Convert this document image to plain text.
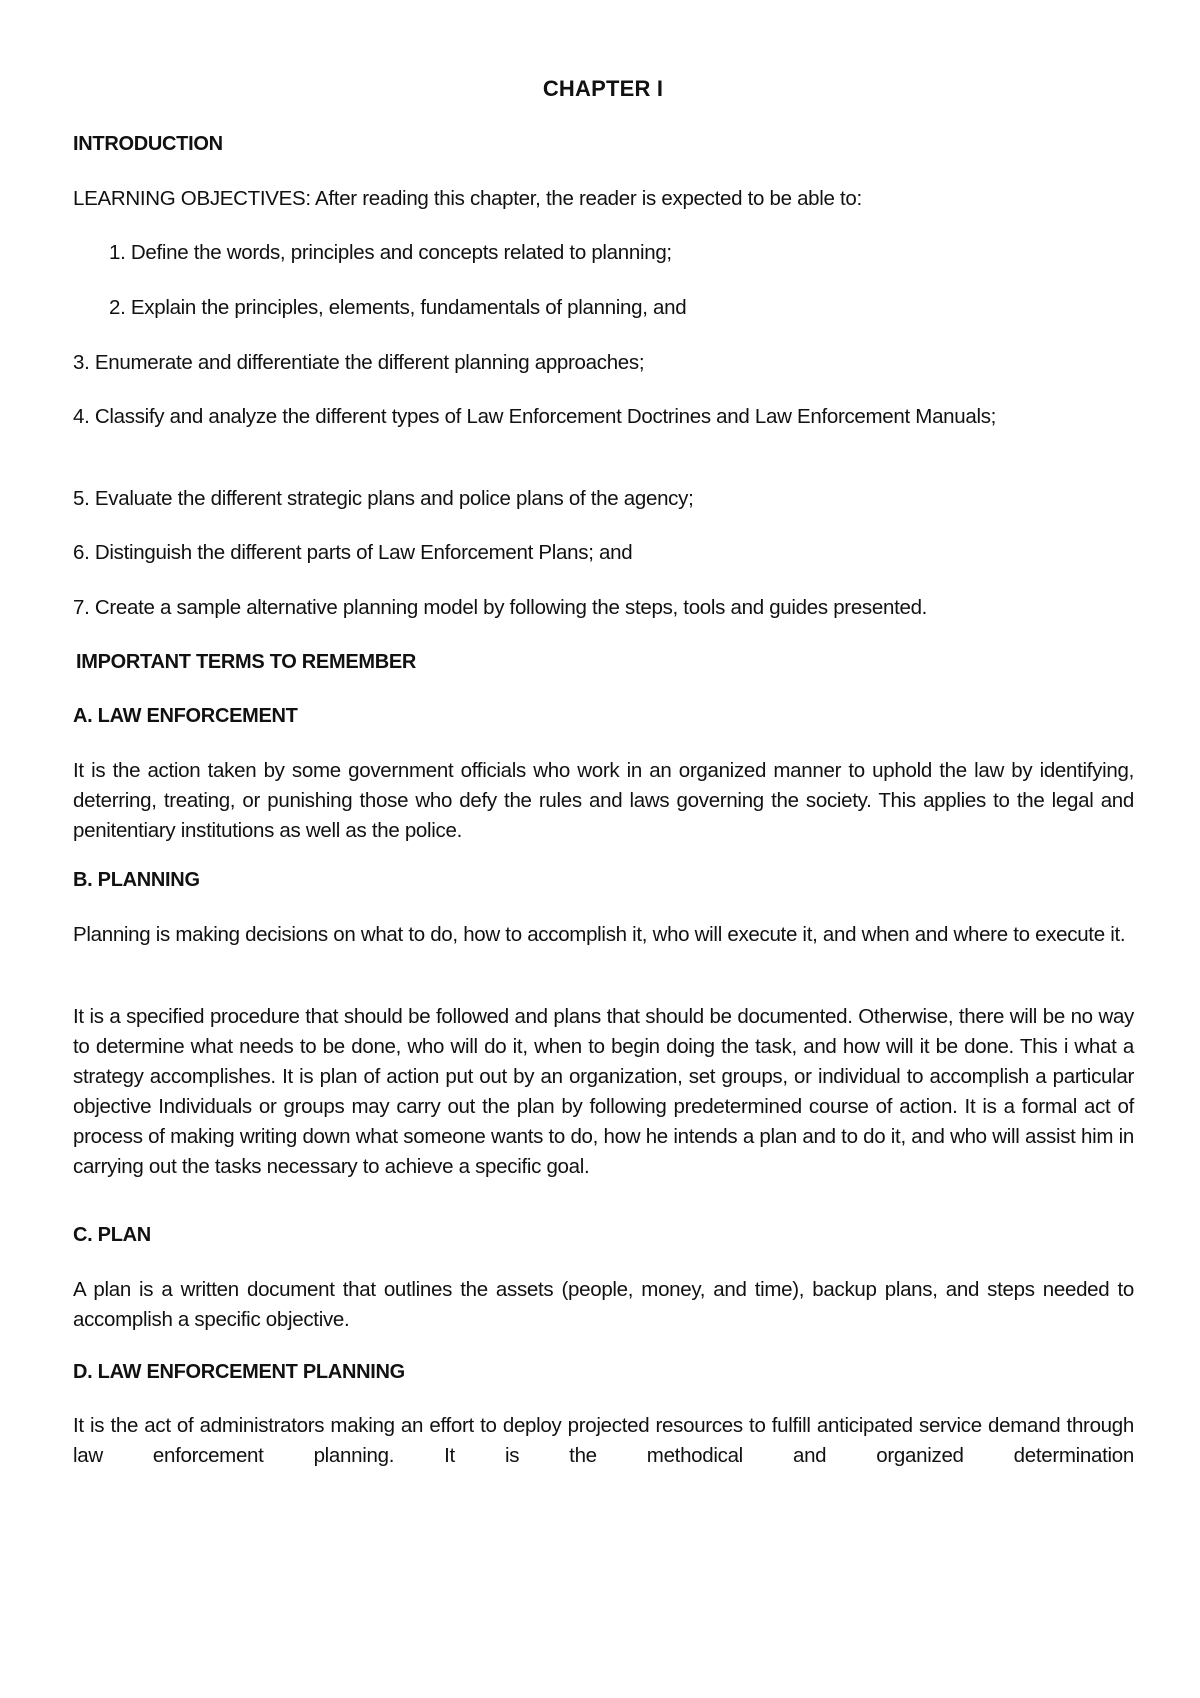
CHAPTER I
INTRODUCTION
LEARNING OBJECTIVES: After reading this chapter, the reader is expected to be able to:
1. Define the words, principles and concepts related to planning;
2. Explain the principles, elements, fundamentals of planning, and
3. Enumerate and differentiate the different planning approaches;
4. Classify and analyze the different types of Law Enforcement Doctrines and Law Enforcement Manuals;
5. Evaluate the different strategic plans and police plans of the agency;
6. Distinguish the different parts of Law Enforcement Plans; and
7. Create a sample alternative planning model by following the steps, tools and guides presented.
IMPORTANT TERMS TO REMEMBER
A. LAW ENFORCEMENT
It is the action taken by some government officials who work in an organized manner to uphold the law by identifying, deterring, treating, or punishing those who defy the rules and laws governing the society. This applies to the legal and penitentiary institutions as well as the police.
B. PLANNING
Planning is making decisions on what to do, how to accomplish it, who will execute it, and when and where to execute it.
It is a specified procedure that should be followed and plans that should be documented. Otherwise, there will be no way to determine what needs to be done, who will do it, when to begin doing the task, and how will it be done. This i what a strategy accomplishes. It is plan of action put out by an organization, set groups, or individual to accomplish a particular objective Individuals or groups may carry out the plan by following predetermined course of action. It is a formal act of process of making writing down what someone wants to do, how he intends a plan and to do it, and who will assist him in carrying out the tasks necessary to achieve a specific goal.
C. PLAN
A plan is a written document that outlines the assets (people, money, and time), backup plans, and steps needed to accomplish a specific objective.
D. LAW ENFORCEMENT PLANNING
It is the act of administrators making an effort to deploy projected resources to fulfill anticipated service demand through law enforcement planning. It is the methodical and organized determination
